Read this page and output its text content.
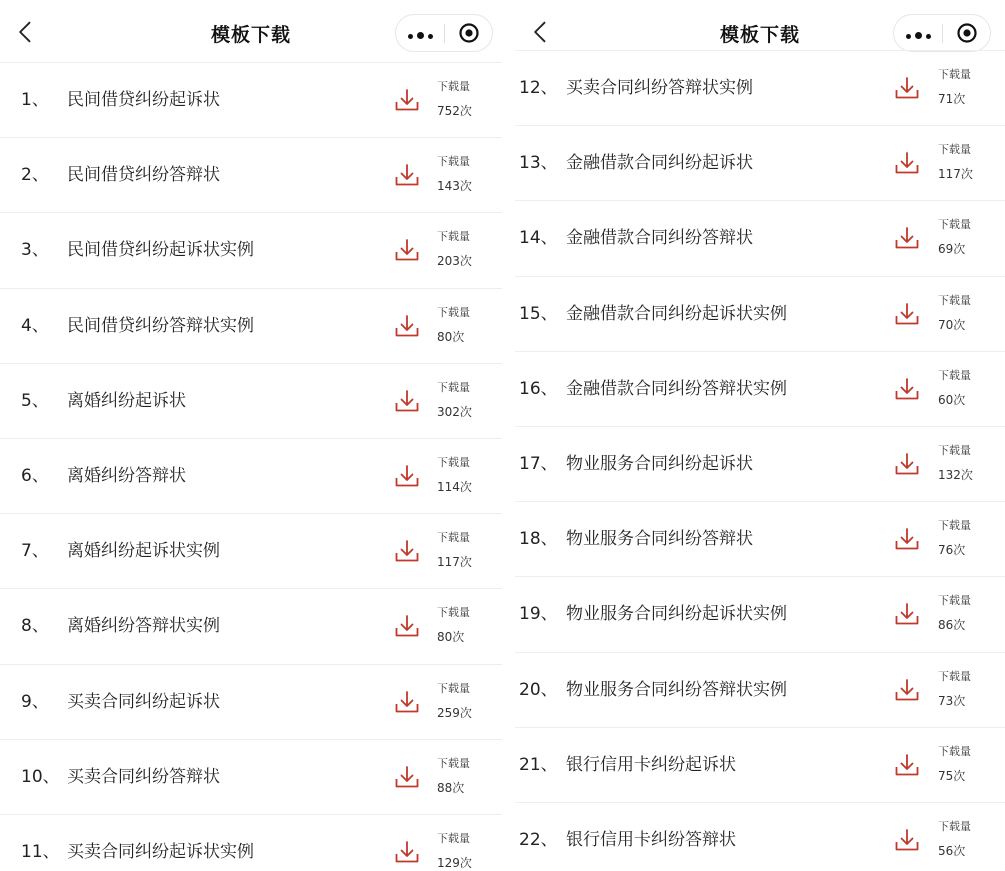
模板下载
1、 民间借贷纠纷起诉状
下载量
752次
2、 民间借贷纠纷答辩状
下载量
143次
3、 民间借贷纠纷起诉状实例
下载量
203次
4、 民间借贷纠纷答辩状实例
下载量
80次
5、 离婚纠纷起诉状
下载量
302次
6、 离婚纠纷答辩状
下载量
114次
7、 离婚纠纷起诉状实例
下载量
117次
8、 离婚纠纷答辩状实例
下载量
80次
9、 买卖合同纠纷起诉状
下载量
259次
10、 买卖合同纠纷答辩状
下载量
88次
11、 买卖合同纠纷起诉状实例
下载量
129次
模板下载
12、 买卖合同纠纷答辩状实例
下载量
71次
13、 金融借款合同纠纷起诉状
下载量
117次
14、 金融借款合同纠纷答辩状
下载量
69次
15、 金融借款合同纠纷起诉状实例
下载量
70次
16、 金融借款合同纠纷答辩状实例
下载量
60次
17、 物业服务合同纠纷起诉状
下载量
132次
18、 物业服务合同纠纷答辩状
下载量
76次
19、 物业服务合同纠纷起诉状实例
下载量
86次
20、 物业服务合同纠纷答辩状实例
下载量
73次
21、 银行信用卡纠纷起诉状
下载量
75次
22、 银行信用卡纠纷答辩状
下载量
56次
